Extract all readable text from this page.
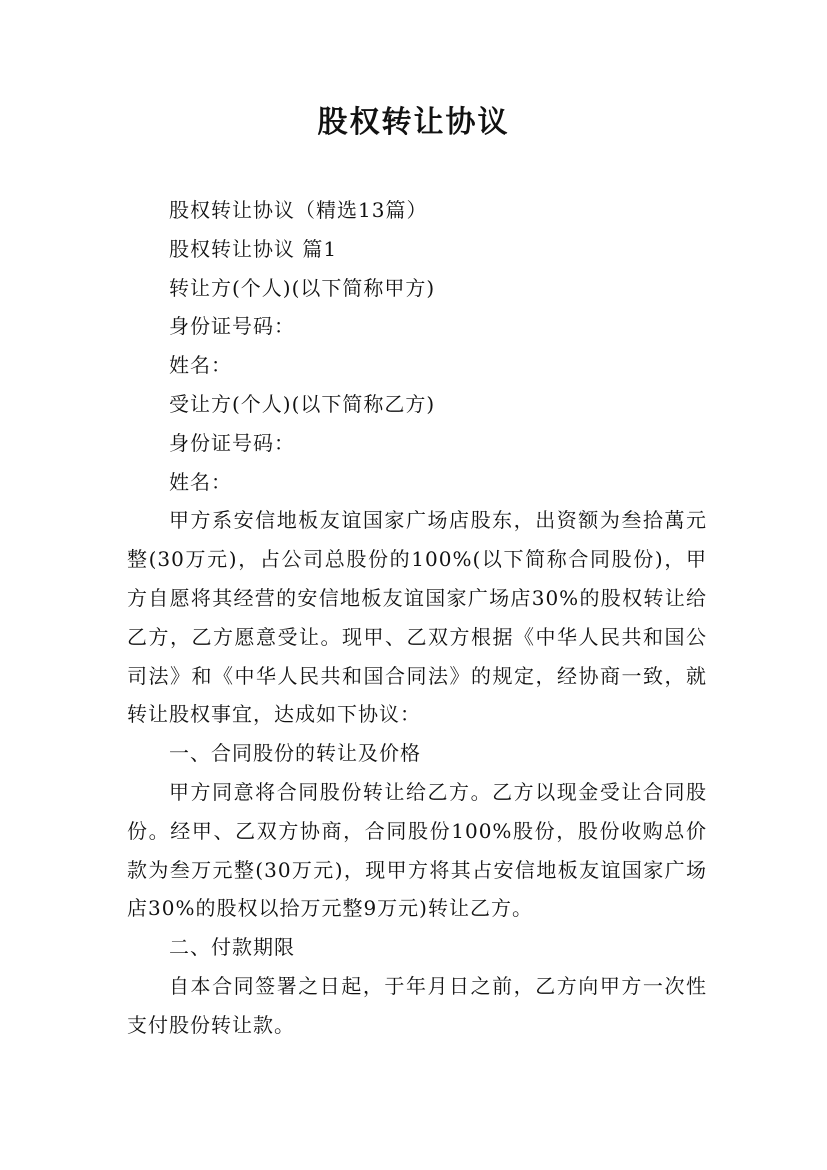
股权转让协议

股权转让协议（精选13篇）

股权转让协议 篇1

转让方(个人)(以下简称甲方)

身份证号码：

姓名：

受让方(个人)(以下简称乙方)

身份证号码：

姓名：

甲方系安信地板友谊国家广场店股东，出资额为叁拾萬元整(30万元)，占公司总股份的100%(以下简称合同股份)，甲方自愿将其经营的安信地板友谊国家广场店30%的股权转让给乙方，乙方愿意受让。现甲、乙双方根据《中华人民共和国公司法》和《中华人民共和国合同法》的规定，经协商一致，就转让股权事宜，达成如下协议：

一、合同股份的转让及价格

甲方同意将合同股份转让给乙方。乙方以现金受让合同股份。经甲、乙双方协商，合同股份100%股份，股份收购总价款为叁万元整(30万元)，现甲方将其占安信地板友谊国家广场店30%的股权以拾万元整9万元)转让乙方。

二、付款期限

自本合同签署之日起，于年月日之前，乙方向甲方一次性支付股份转让款。
